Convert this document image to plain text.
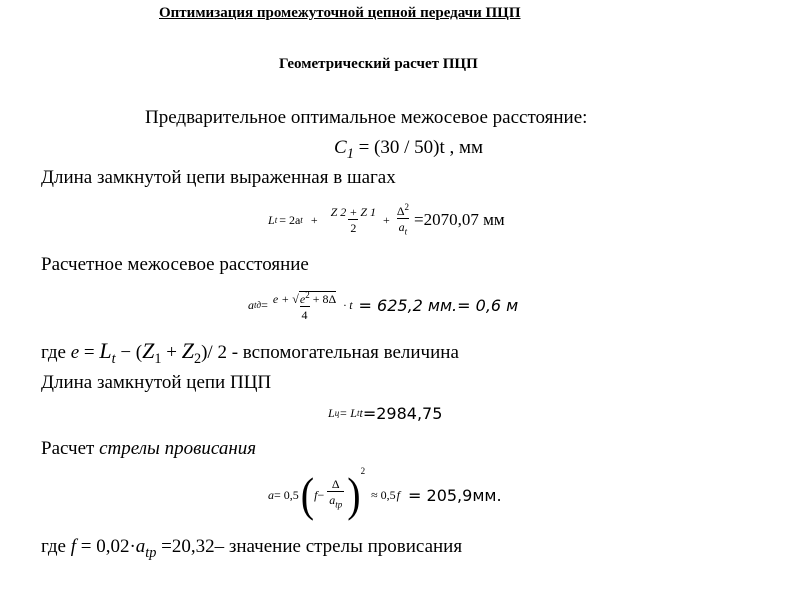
Оптимизация промежуточной цепной передачи ПЦП
Геометрический расчет ПЦП
Предварительное оптимальное межосевое расстояние:
$C_1 = (30 / 50)t$ , мм
Длина замкнутой цепи выраженная в шагах
L t = 2a $t + \frac{Z 2 + Z 1}{2} + \frac{\Delta^2}{a_t} =2070,07$ мм
Расчетное межосевое расстояние
a tд = $\frac{e + √e^2 + 8\Delta}{4} \cdot t = 625,2$ мм.= 0,6 м
где $e = L_t - (Z_1 + Z_2)/$ 2 - вспомогательная величина
Длина замкнутой цепи ПЦП
L ц = L t t =2984,75
Расчет стрелы провисания
a = 0,5 ( $f - \frac{\Delta}{a_{tp}} )^2$
≈ 0,5 f = 205,9мм.
где $f = 0,02\cdot a_{tp} =20,32-$ значение стрелы провисания
